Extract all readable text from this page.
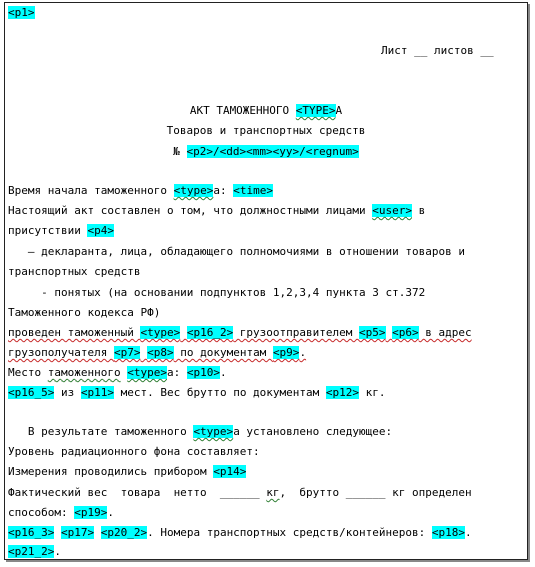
<p1>
Лист __ листов __
АКТ ТАМОЖЕННОГО <TYPE>А
Товаров и транспортных средств
№ <p2>/<dd><mm><yy>/<regnum>
Время начала таможенного <type>а: <time>
Настоящий акт составлен о том, что должностными лицами <user> в
присутствии <p4>
– декларанта, лица, обладающего полномочиями в отношении товаров и
транспортных средств
- понятых (на основании подпунктов 1,2,3,4 пункта 3 ст.372
Таможенного кодекса РФ)
проведен таможенный <type> <p16_2> грузоотправителем <p5> <p6> в адрес
грузополучателя <p7> <p8> по документам <p9>.
Место таможенного <type>а: <p10>.
<p16_5> из <p11> мест. Вес брутто по документам <p12> кг.
В результате таможенного <type>а установлено следующее:
Уровень радиационного фона составляет:
Измерения проводились прибором <p14>
Фактический вес  товара  нетто  ______ кг,  брутто ______ кг определен
способом: <p19>.
<p16_3> <p17> <p20_2>. Номера транспортных средств/контейнеров: <p18>.
<p21_2>.
